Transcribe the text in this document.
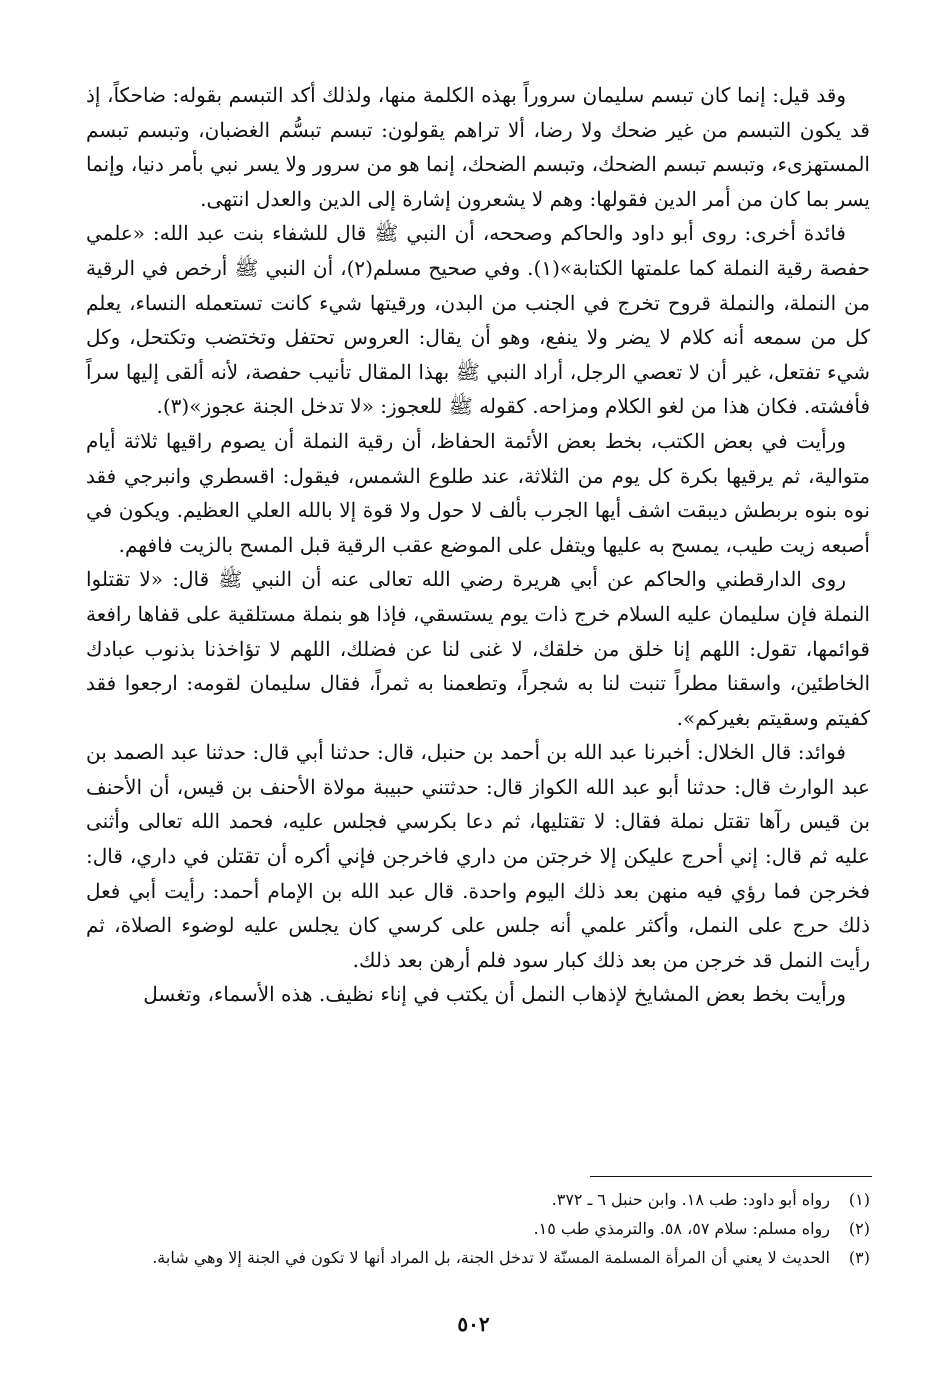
وقد قيل: إنما كان تبسم سليمان سروراً بهذه الكلمة منها، ولذلك أكد التبسم بقوله: ضاحكاً، إذ قد يكون التبسم من غير ضحك ولا رضا، ألا تراهم يقولون: تبسم تبسُّم الغضبان، وتبسم تبسم المستهزىء، وتبسم تبسم الضحك، وتبسم الضحك، إنما هو من سرور ولا يسر نبي بأمر دنيا، وإنما يسر بما كان من أمر الدين فقولها: وهم لا يشعرون إشارة إلى الدين والعدل انتهى.

فائدة أخرى: روى أبو داود والحاكم وصححه، أن النبي ﷺ قال للشفاء بنت عبد الله: «علمي حفصة رقية النملة كما علمتها الكتابة»(١). وفي صحيح مسلم(٢)، أن النبي ﷺ أرخص في الرقية من النملة، والنملة قروح تخرج في الجنب من البدن، ورقيتها شيء كانت تستعمله النساء، يعلم كل من سمعه أنه كلام لا يضر ولا ينفع، وهو أن يقال: العروس تحتفل وتختضب وتكتحل، وكل شيء تفتعل، غير أن لا تعصي الرجل، أراد النبي ﷺ بهذا المقال تأنيب حفصة، لأنه ألقى إليها سراً فأفشته. فكان هذا من لغو الكلام ومزاحه. كقوله ﷺ للعجوز: «لا تدخل الجنة عجوز»(٣).

ورأيت في بعض الكتب، بخط بعض الأئمة الحفاظ، أن رقية النملة أن يصوم راقيها ثلاثة أيام متوالية، ثم يرقيها بكرة كل يوم من الثلاثة، عند طلوع الشمس، فيقول: اقسطري وانبرجي فقد نوه بنوه بربطش ديبقت اشف أيها الجرب بألف لا حول ولا قوة إلا بالله العلي العظيم. ويكون في أصبعه زيت طيب، يمسح به عليها ويتفل على الموضع عقب الرقية قبل المسح بالزيت فافهم.

روى الدارقطني والحاكم عن أبي هريرة رضي الله تعالى عنه أن النبي ﷺ قال: «لا تقتلوا النملة فإن سليمان عليه السلام خرج ذات يوم يستسقي، فإذا هو بنملة مستلقية على قفاها رافعة قوائمها، تقول: اللهم إنا خلق من خلقك، لا غنى لنا عن فضلك، اللهم لا تؤاخذنا بذنوب عبادك الخاطئين، واسقنا مطراً تنبت لنا به شجراً، وتطعمنا به ثمراً، فقال سليمان لقومه: ارجعوا فقد كفيتم وسقيتم بغيركم».

فوائد: قال الخلال: أخبرنا عبد الله بن أحمد بن حنبل، قال: حدثنا أبي قال: حدثنا عبد الصمد بن عبد الوارث قال: حدثنا أبو عبد الله الكواز قال: حدثتني حبيبة مولاة الأحنف بن قيس، أن الأحنف بن قيس رآها تقتل نملة فقال: لا تقتليها، ثم دعا بكرسي فجلس عليه، فحمد الله تعالى وأثنى عليه ثم قال: إني أحرج عليكن إلا خرجتن من داري فاخرجن فإني أكره أن تقتلن في داري، قال: فخرجن فما رؤي فيه منهن بعد ذلك اليوم واحدة. قال عبد الله بن الإمام أحمد: رأيت أبي فعل ذلك حرج على النمل، وأكثر علمي أنه جلس على كرسي كان يجلس عليه لوضوء الصلاة، ثم رأيت النمل قد خرجن من بعد ذلك كبار سود فلم أرهن بعد ذلك.

ورأيت بخط بعض المشايخ لإذهاب النمل أن يكتب في إناء نظيف. هذه الأسماء، وتغسل

(١)
رواه أبو داود: طب ١٨. وابن حنبل ٦ ـ ٣٧٢.
(٢)
رواه مسلم: سلام ٥٧، ٥٨. والترمذي طب ١٥.
(٣)
الحديث لا يعني أن المرأة المسلمة المسنّة لا تدخل الجنة، بل المراد أنها لا تكون في الجنة إلا وهي شابة.
٥٠٢
